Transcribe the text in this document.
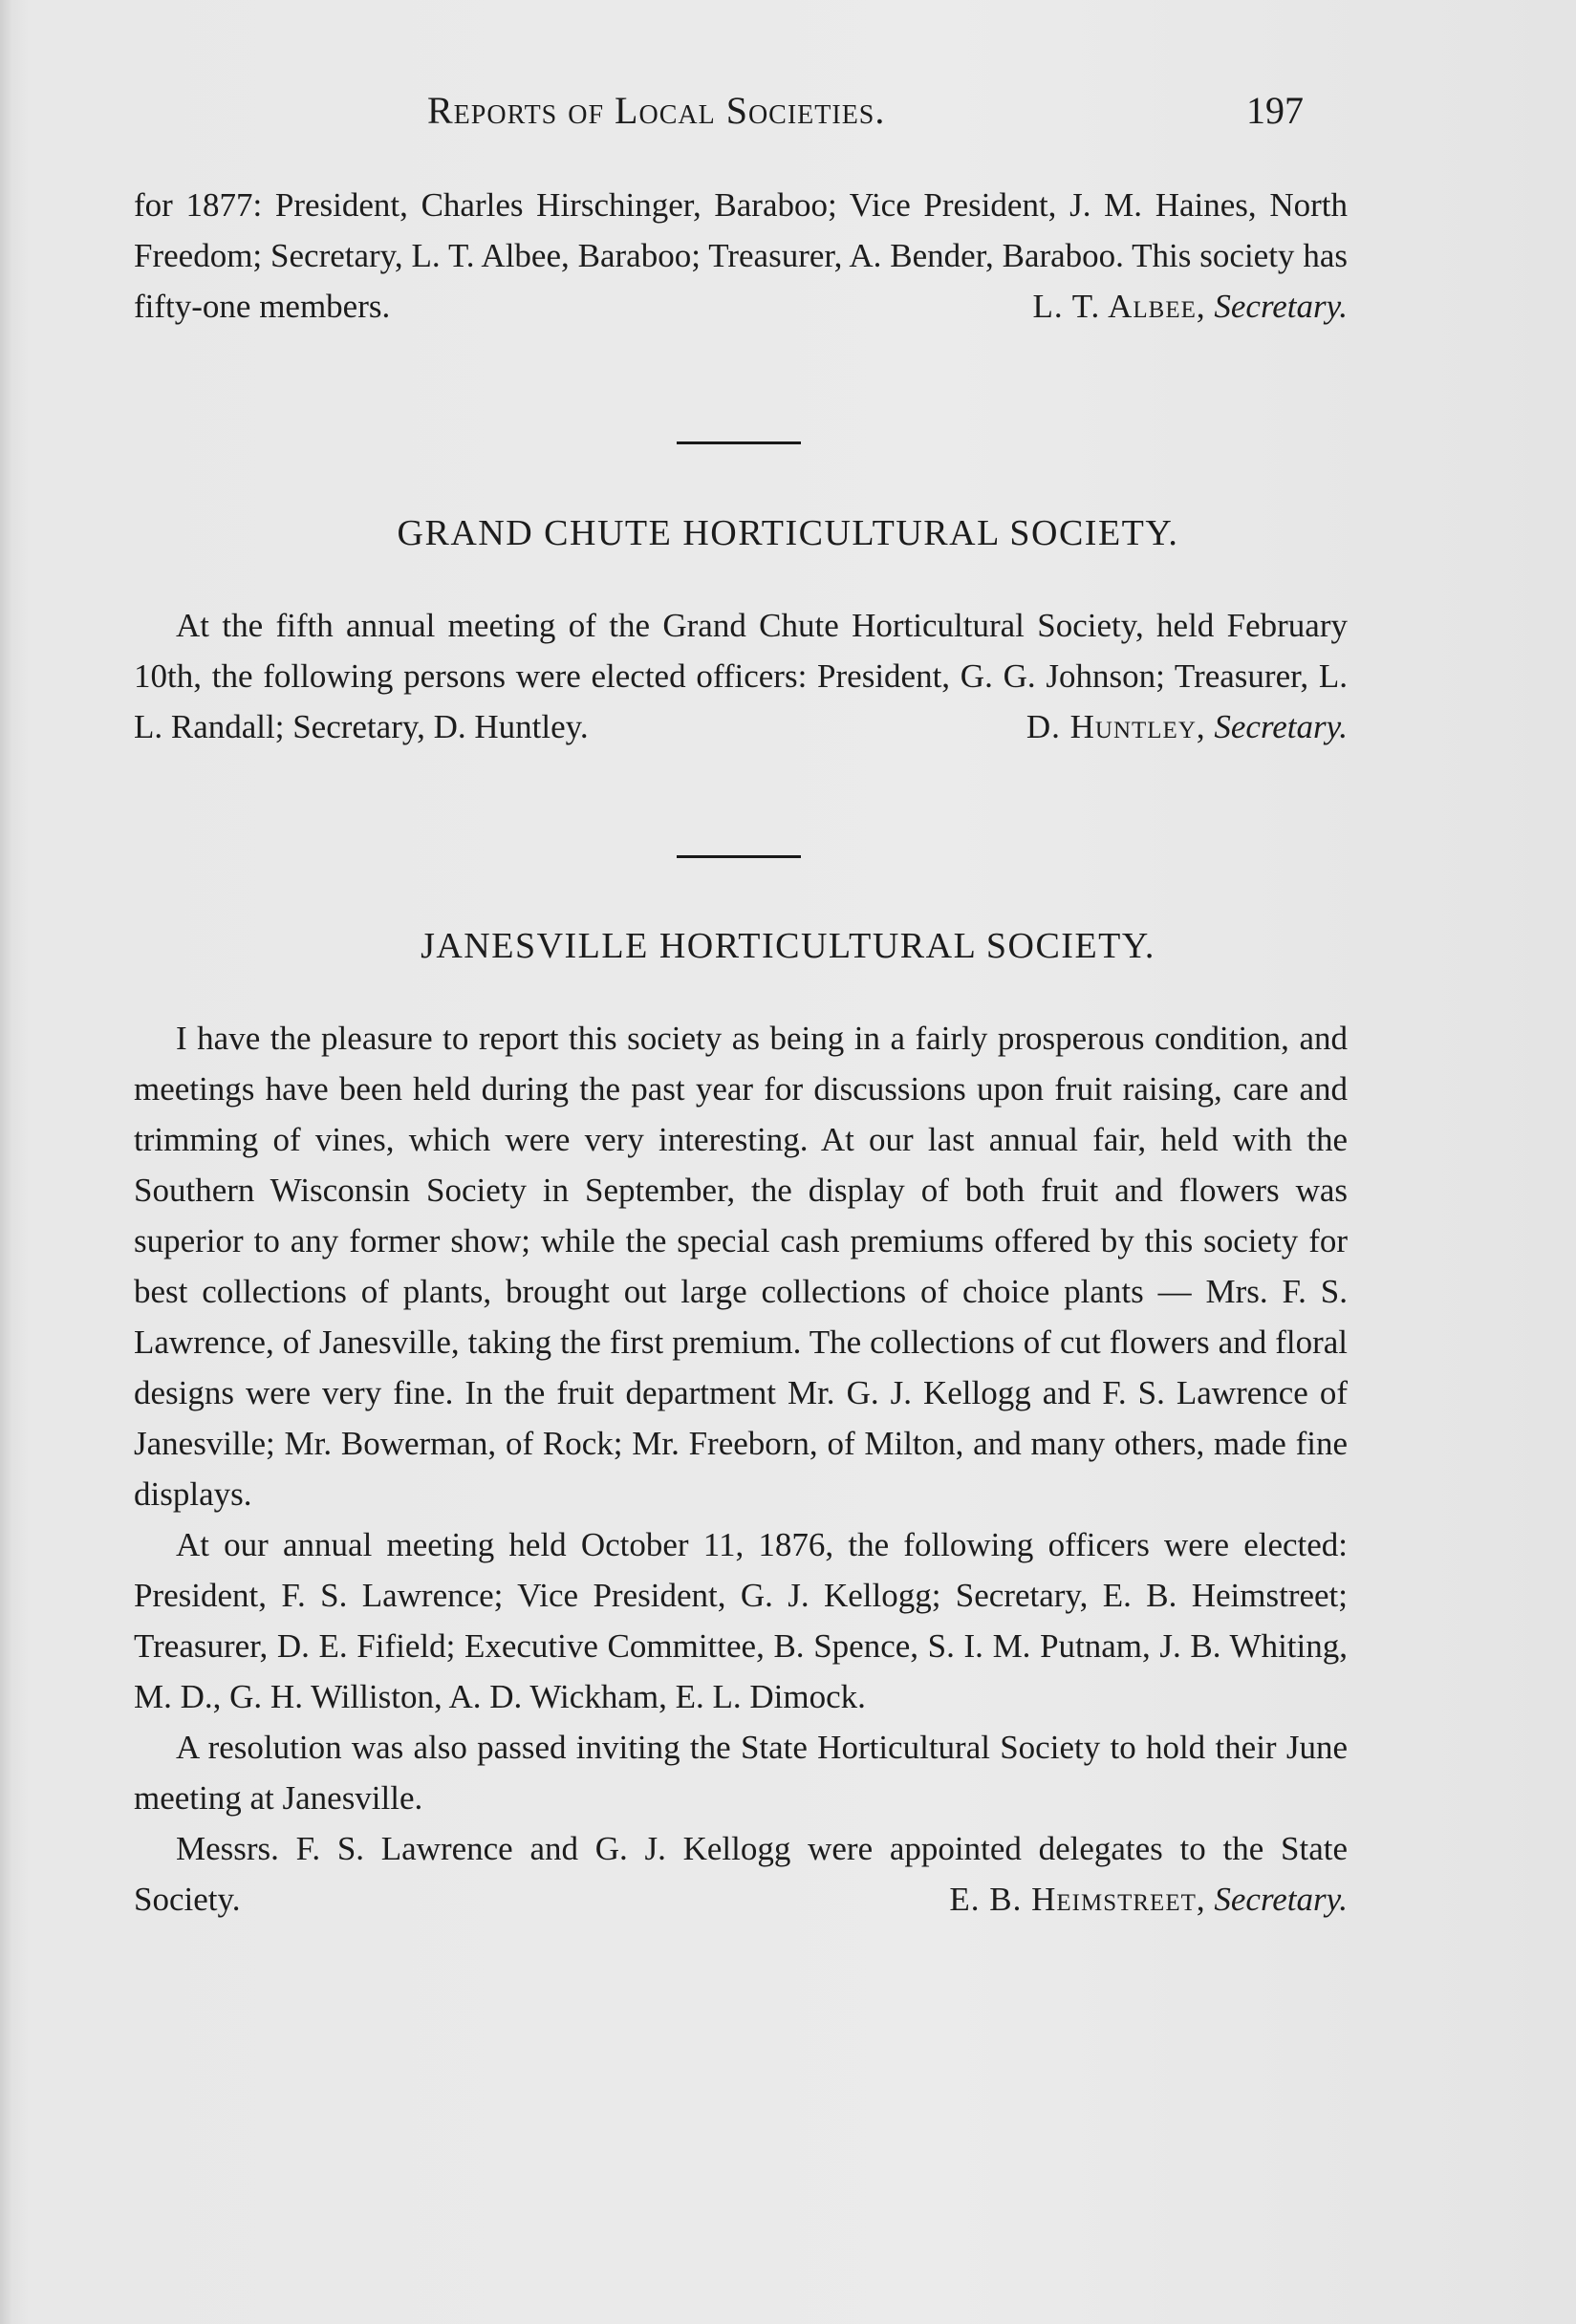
Reports of Local Societies.	197

for 1877: President, Charles Hirschinger, Baraboo; Vice President, J. M. Haines, North Freedom; Secretary, L. T. Albee, Baraboo; Treasurer, A. Bender, Baraboo. This society has fifty-one members.	L. T. Albee, Secretary.

GRAND CHUTE HORTICULTURAL SOCIETY.

At the fifth annual meeting of the Grand Chute Horticultural Society, held February 10th, the following persons were elected officers: President, G. G. Johnson; Treasurer, L. L. Randall; Secretary, D. Huntley.	D. Huntley, Secretary.

JANESVILLE HORTICULTURAL SOCIETY.

I have the pleasure to report this society as being in a fairly prosperous condition, and meetings have been held during the past year for discussions upon fruit raising, care and trimming of vines, which were very interesting. At our last annual fair, held with the Southern Wisconsin Society in September, the display of both fruit and flowers was superior to any former show; while the special cash premiums offered by this society for best collections of plants, brought out large collections of choice plants — Mrs. F. S. Lawrence, of Janesville, taking the first premium. The collections of cut flowers and floral designs were very fine. In the fruit department Mr. G. J. Kellogg and F. S. Lawrence of Janesville; Mr. Bowerman, of Rock; Mr. Freeborn, of Milton, and many others, made fine displays.

At our annual meeting held October 11, 1876, the following officers were elected: President, F. S. Lawrence; Vice President, G. J. Kellogg; Secretary, E. B. Heimstreet; Treasurer, D. E. Fifield; Executive Committee, B. Spence, S. I. M. Putnam, J. B. Whiting, M. D., G. H. Williston, A. D. Wickham, E. L. Dimock.

A resolution was also passed inviting the State Horticultural Society to hold their June meeting at Janesville.

Messrs. F. S. Lawrence and G. J. Kellogg were appointed delegates to the State Society.	E. B. Heimstreet, Secretary.
